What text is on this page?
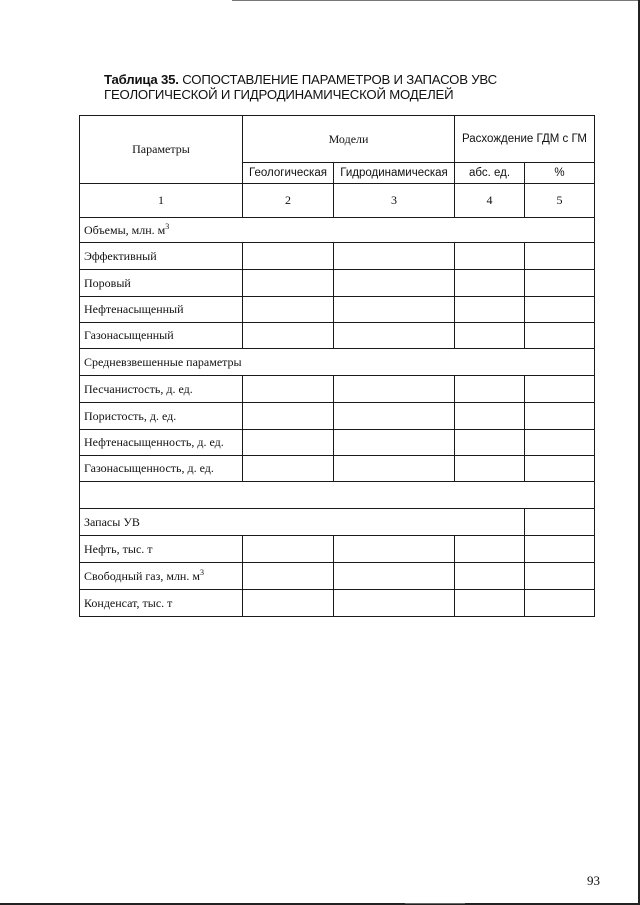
Таблица 35. СОПОСТАВЛЕНИЕ ПАРАМЕТРОВ И ЗАПАСОВ УВС ГЕОЛОГИЧЕСКОЙ И ГИДРОДИНАМИЧЕСКОЙ МОДЕЛЕЙ
Параметры	Модели		Расхождение ГДМ с ГМ	
	Геологическая	Гидродинамическая	абс. ед.	%
1	2	3	4	5
Объемы, млн. $м^3$
Эффективный				
Поровый				
Нефтенасыщенный				
Газонасыщенный				
Средневзвешенные параметры				
Песчанистость, д. ед.				
Пористость, д. ед.				
Нефтенасыщенность, д. ед.				
Газонасыщенность, д. ед.				

Запасы УВ				
Нефть, тыс. т				
Свободный газ, млн. $м^3$				
Конденсат, тыс. т				
93
